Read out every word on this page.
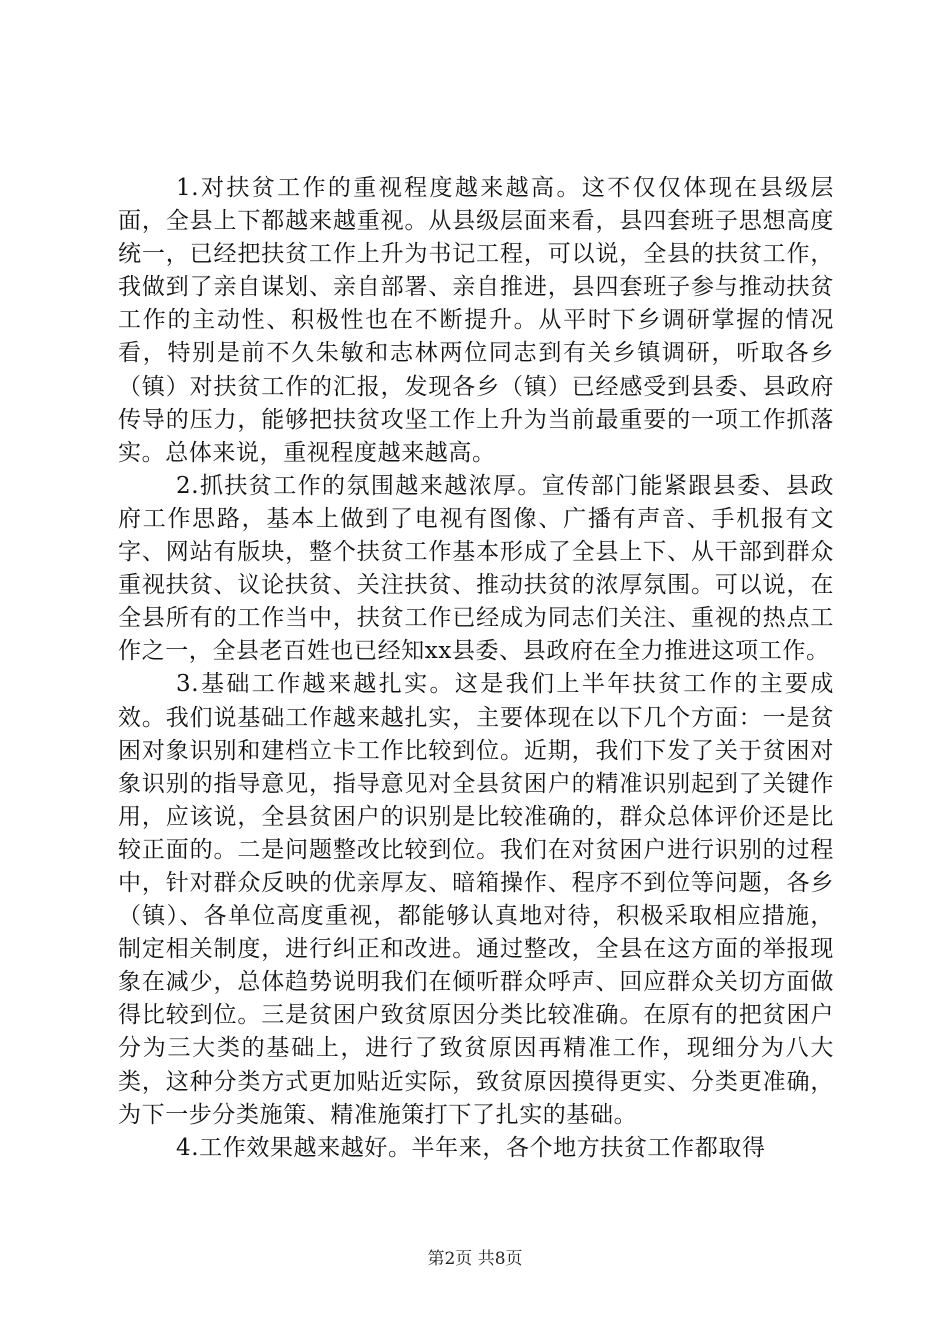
1.对扶贫工作的重视程度越来越高。这不仅仅体现在县级层面，全县上下都越来越重视。从县级层面来看，县四套班子思想高度统一，已经把扶贫工作上升为书记工程，可以说，全县的扶贫工作，我做到了亲自谋划、亲自部署、亲自推进，县四套班子参与推动扶贫工作的主动性、积极性也在不断提升。从平时下乡调研掌握的情况看，特别是前不久朱敏和志林两位同志到有关乡镇调研，听取各乡（镇）对扶贫工作的汇报，发现各乡（镇）已经感受到县委、县政府传导的压力，能够把扶贫攻坚工作上升为当前最重要的一项工作抓落实。总体来说，重视程度越来越高。

2.抓扶贫工作的氛围越来越浓厚。宣传部门能紧跟县委、县政府工作思路，基本上做到了电视有图像、广播有声音、手机报有文字、网站有版块，整个扶贫工作基本形成了全县上下、从干部到群众重视扶贫、议论扶贫、关注扶贫、推动扶贫的浓厚氛围。可以说，在全县所有的工作当中，扶贫工作已经成为同志们关注、重视的热点工作之一，全县老百姓也已经知xx县委、县政府在全力推进这项工作。

3.基础工作越来越扎实。这是我们上半年扶贫工作的主要成效。我们说基础工作越来越扎实，主要体现在以下几个方面：一是贫困对象识别和建档立卡工作比较到位。近期，我们下发了关于贫困对象识别的指导意见，指导意见对全县贫困户的精准识别起到了关键作用，应该说，全县贫困户的识别是比较准确的，群众总体评价还是比较正面的。二是问题整改比较到位。我们在对贫困户进行识别的过程中，针对群众反映的优亲厚友、暗箱操作、程序不到位等问题，各乡（镇）、各单位高度重视，都能够认真地对待，积极采取相应措施，制定相关制度，进行纠正和改进。通过整改，全县在这方面的举报现象在减少，总体趋势说明我们在倾听群众呼声、回应群众关切方面做得比较到位。三是贫困户致贫原因分类比较准确。在原有的把贫困户分为三大类的基础上，进行了致贫原因再精准工作，现细分为八大类，这种分类方式更加贴近实际，致贫原因摸得更实、分类更准确，为下一步分类施策、精准施策打下了扎实的基础。

4.工作效果越来越好。半年来，各个地方扶贫工作都取得

第2页 共8页
